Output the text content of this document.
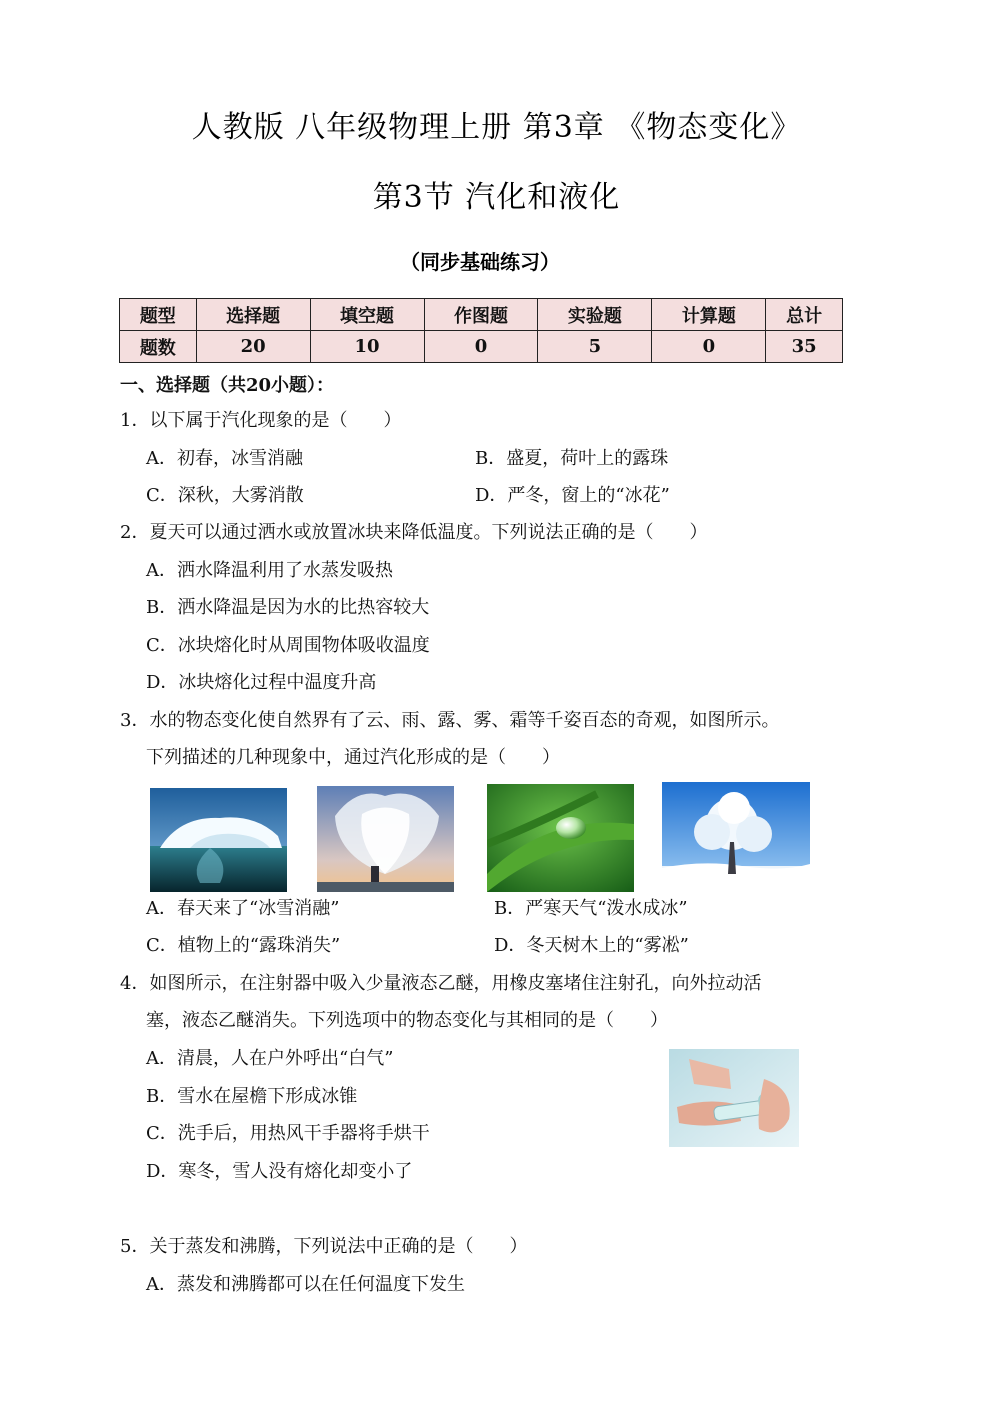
人教版 八年级物理上册 第3章 《物态变化》
第3节 汽化和液化
（同步基础练习）
题型	选择题	填空题	作图题	实验题	计算题	总计
题数	20	10	0	5	0	35
一、选择题（共20小题）：
1．以下属于汽化现象的是（　　）
A．初春，冰雪消融	B．盛夏，荷叶上的露珠
C．深秋，大雾消散	D．严冬，窗上的“冰花”
2．夏天可以通过洒水或放置冰块来降低温度。下列说法正确的是（　　）
A．洒水降温利用了水蒸发吸热
B．洒水降温是因为水的比热容较大
C．冰块熔化时从周围物体吸收温度
D．冰块熔化过程中温度升高
3．水的物态变化使自然界有了云、雨、露、雾、霜等千姿百态的奇观，如图所示。
下列描述的几种现象中，通过汽化形成的是（　　）
A．春天来了“冰雪消融”	B．严寒天气“泼水成冰”
C．植物上的“露珠消失”	D．冬天树木上的“雾凇”
4．如图所示，在注射器中吸入少量液态乙醚，用橡皮塞堵住注射孔，向外拉动活
塞，液态乙醚消失。下列选项中的物态变化与其相同的是（　　）
A．清晨，人在户外呼出“白气”
B．雪水在屋檐下形成冰锥
C．洗手后，用热风干手器将手烘干
D．寒冬，雪人没有熔化却变小了
5．关于蒸发和沸腾，下列说法中正确的是（　　）
A．蒸发和沸腾都可以在任何温度下发生
